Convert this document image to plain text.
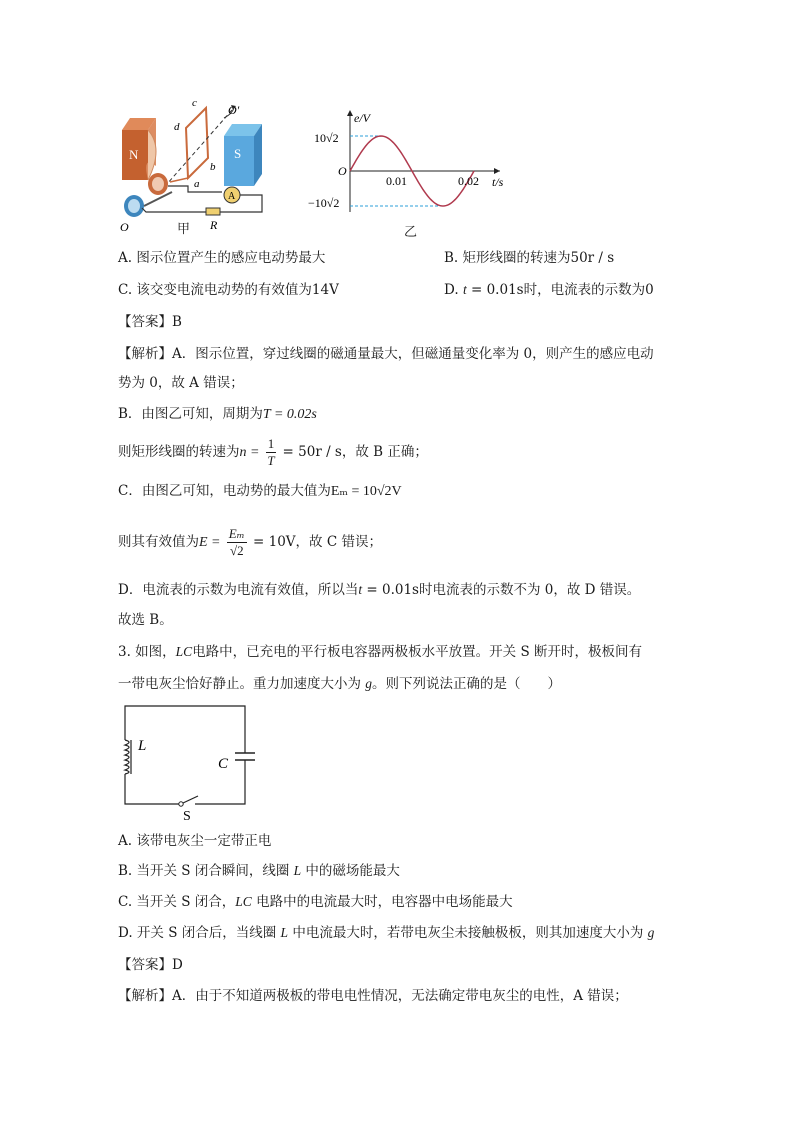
N	S
c
d
b
a
O′
O
A
R
甲
e/V
t/s
O
10√2
−10√2
0.01	0.02
乙
A. 图示位置产生的感应电动势最大	B. 矩形线圈的转速为50r / s
C. 该交变电流电动势的有效值为14V	D. t = 0.01s时，电流表的示数为0
【答案】B
【解析】A．图示位置，穿过线圈的磁通量最大，但磁通量变化率为 0，则产生的感应电动
势为 0，故 A 错误；
B．由图乙可知，周期为T = 0.02s
则矩形线圈的转速为$n = \frac{1}{T} = 50r / s$，故 B 正确；
C．由图乙可知，电动势的最大值为Eₘ = 10√2V
则其有效值为$E = \frac{\text{Eₘ}}{√2} = 10V$，故 C 错误；
D．电流表的示数为电流有效值，所以当t = 0.01s时电流表的示数不为 0，故 D 错误。
故选 B。
3. 如图，LC电路中，已充电的平行板电容器两极板水平放置。开关 S 断开时，极板间有
一带电灰尘恰好静止。重力加速度大小为 g。则下列说法正确的是（　　）
L
C
S
A. 该带电灰尘一定带正电
B. 当开关 S 闭合瞬间，线圈 L 中的磁场能最大
C. 当开关 S 闭合，LC 电路中的电流最大时，电容器中电场能最大
D. 开关 S 闭合后，当线圈 L 中电流最大时，若带电灰尘未接触极板，则其加速度大小为 g
【答案】D
【解析】A．由于不知道两极板的带电电性情况，无法确定带电灰尘的电性，A 错误；
